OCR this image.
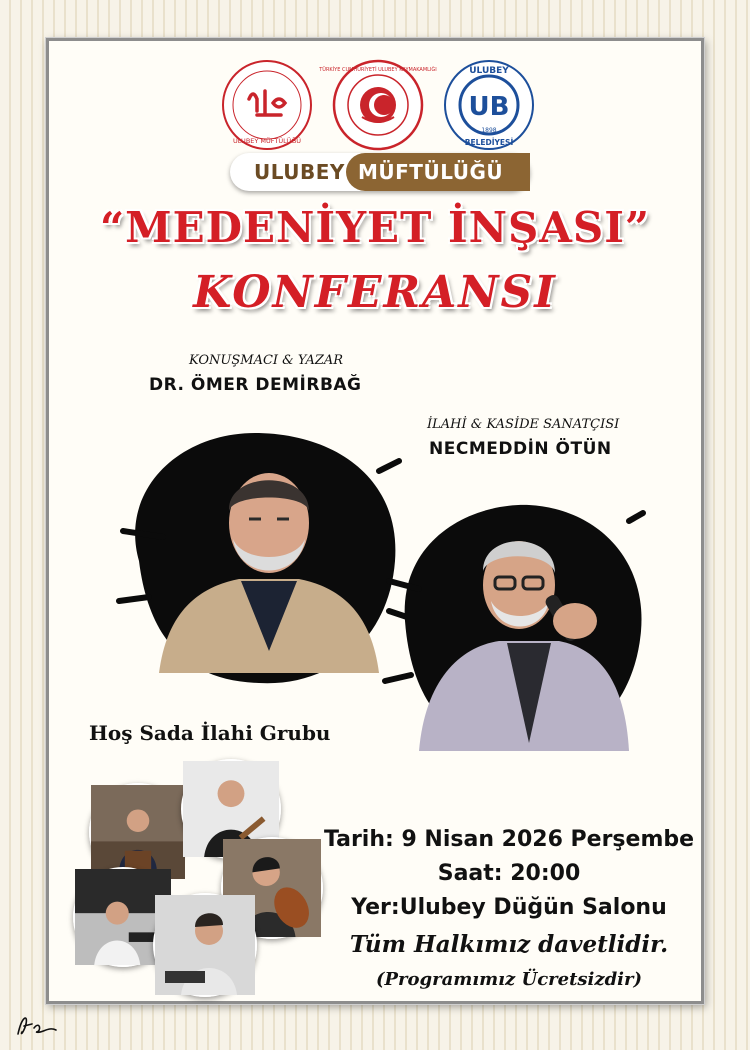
ULUBEY MÜFTÜLÜĞÜ
TÜRKİYE CUMHURİYETİ ULUBEY KAYMAKAMLIĞI	ULUBEY
UB
1898
BELEDİYESİ
ULUBEY MÜFTÜLÜĞÜ
“MEDENİYET İNŞASI”
KONFERANSI
KONUŞMACI & YAZAR
DR. ÖMER DEMİRBAĞ
İLAHİ & KASİDE SANATÇISI
NECMEDDİN ÖTÜN
Hoş Sada İlahi Grubu
Tarih: 9 Nisan 2026 Perşembe
Saat: 20:00
Yer:Ulubey Düğün Salonu
Tüm Halkımız davetlidir.
(Programımız Ücretsizdir)
